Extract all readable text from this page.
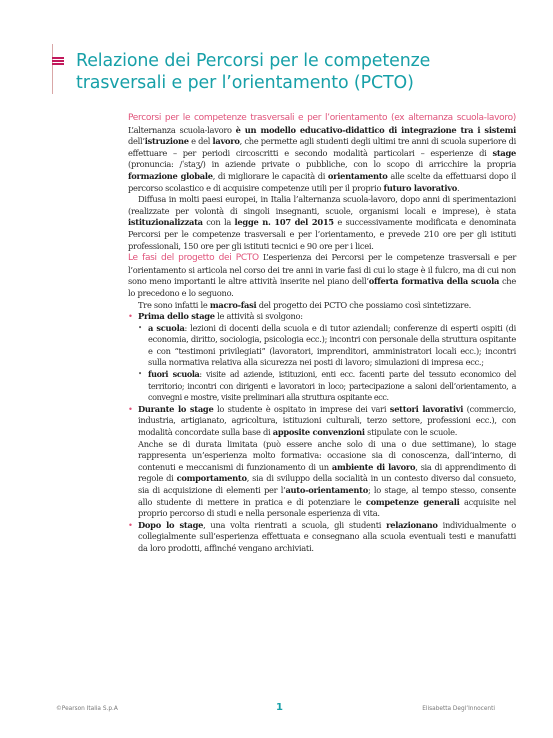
Relazione dei Percorsi per le competenze trasversali e per l’orientamento (PCTO)

Percorsi per le competenze trasversali e per l’orientamento (ex alternanza scuola-lavoro) L’alternanza scuola-lavoro è un modello educativo-didattico di integrazione tra i sistemi dell’istruzione e del lavoro, che permette agli studenti degli ultimi tre anni di scuola superiore di effettuare – per periodi circoscritti e secondo modalità particolari – esperienze di stage (pronuncia: /ˈstaʒ/) in aziende private o pubbliche, con lo scopo di arricchire la propria formazione globale, di migliorare le capacità di orientamento alle scelte da effettuarsi dopo il percorso scolastico e di acquisire competenze utili per il proprio futuro lavorativo.

Diffusa in molti paesi europei, in Italia l’alternanza scuola-lavoro, dopo anni di sperimentazioni (realizzate per volontà di singoli insegnanti, scuole, organismi locali e imprese), è stata istituzionalizzata con la legge n. 107 del 2015 e successivamente modificata e denominata Percorsi per le competenze trasversali e per l’orientamento, e prevede 210 ore per gli istituti professionali, 150 ore per gli istituti tecnici e 90 ore per i licei.

Le fasi del progetto dei PCTO L’esperienza dei Percorsi per le competenze trasversali e per l’orientamento si articola nel corso dei tre anni in varie fasi di cui lo stage è il fulcro, ma di cui non sono meno importanti le altre attività inserite nel piano dell’offerta formativa della scuola che lo precedono e lo seguono.

Tre sono infatti le macro-fasi del progetto dei PCTO che possiamo così sintetizzare.

• Prima dello stage le attività si svolgono:
• a scuola: lezioni di docenti della scuola e di tutor aziendali; conferenze di esperti ospiti (di economia, diritto, sociologia, psicologia ecc.); incontri con personale della struttura ospitante e con “testimoni privilegiati” (lavoratori, imprenditori, amministratori locali ecc.); incontri sulla normativa relativa alla sicurezza nei posti di lavoro; simulazioni di impresa ecc.;
• fuori scuola: visite ad aziende, istituzioni, enti ecc. facenti parte del tessuto economico del territorio; incontri con dirigenti e lavoratori in loco; partecipazione a saloni dell’orientamento, a convegni e mostre, visite preliminari alla struttura ospitante ecc.
• Durante lo stage lo studente è ospitato in imprese dei vari settori lavorativi (commercio, industria, artigianato, agricoltura, istituzioni culturali, terzo settore, professioni ecc.), con modalità concordate sulla base di apposite convenzioni stipulate con le scuole.
Anche se di durata limitata (può essere anche solo di una o due settimane), lo stage rappresenta un’esperienza molto formativa: occasione sia di conoscenza, dall’interno, di contenuti e meccanismi di funzionamento di un ambiente di lavoro, sia di apprendimento di regole di comportamento, sia di sviluppo della socialità in un contesto diverso dal consueto, sia di acquisizione di elementi per l’auto-orientamento; lo stage, al tempo stesso, consente allo studente di mettere in pratica e di potenziare le competenze generali acquisite nel proprio percorso di studi e nella personale esperienza di vita.
• Dopo lo stage, una volta rientrati a scuola, gli studenti relazionano individualmente o collegialmente sull’esperienza effettuata e consegnano alla scuola eventuali testi e manufatti da loro prodotti, affinché vengano archiviati.
©Pearson Italia S.p.A	1	Elisabetta Degl’Innocenti
